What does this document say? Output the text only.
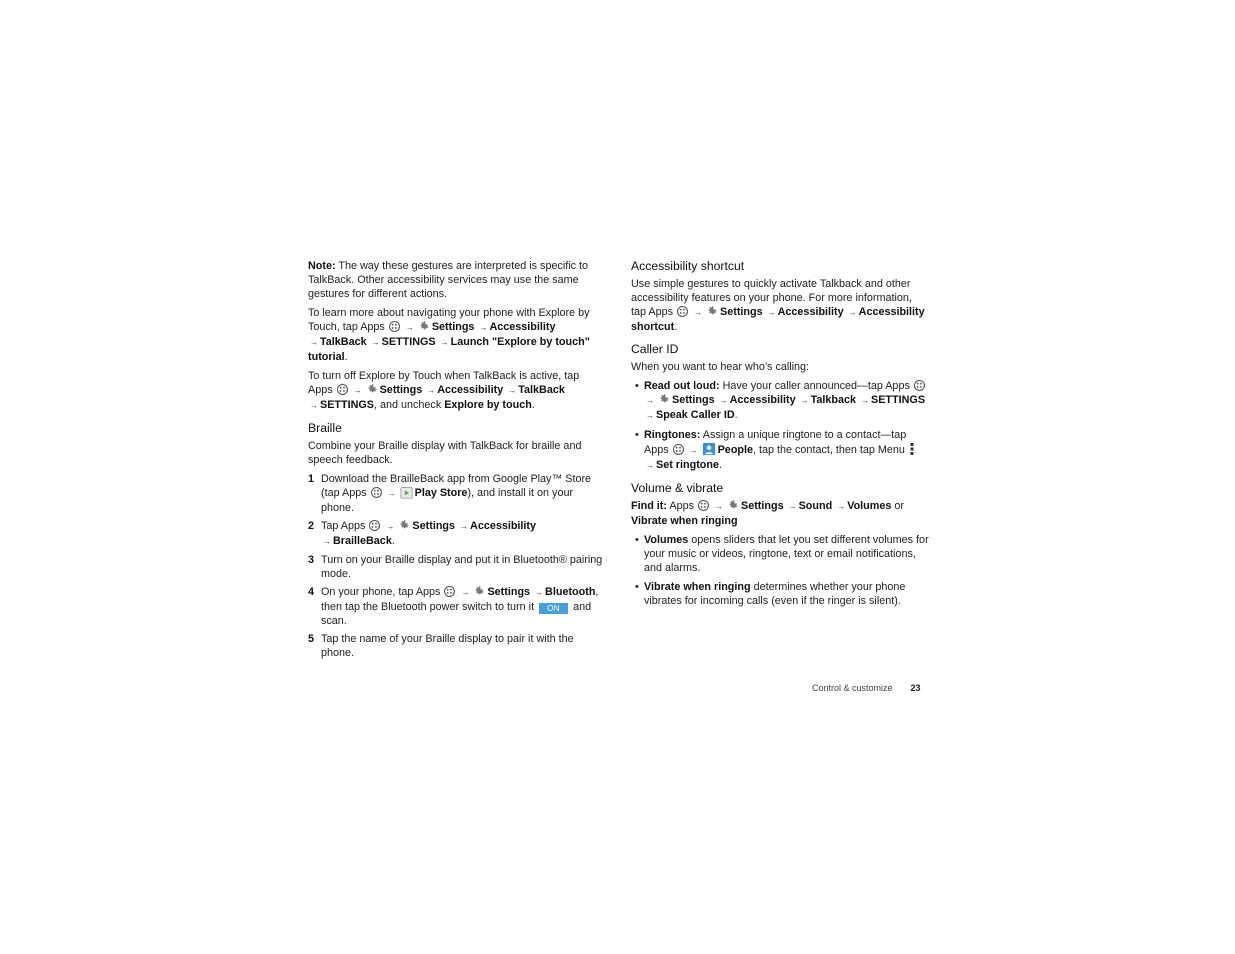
Note: The way these gestures are interpreted is specific to TalkBack. Other accessibility services may use the same gestures for different actions.

To learn more about navigating your phone with Explore by Touch, tap Apps	→ Settings → Accessibility → TalkBack → SETTINGS → Launch "Explore by touch" tutorial.

To turn off Explore by Touch when TalkBack is active, tap Apps	→ Settings → Accessibility → TalkBack → SETTINGS, and uncheck Explore by touch.

Braille

Combine your Braille display with TalkBack for braille and speech feedback.

1 Download the BrailleBack app from Google Play™ Store (tap Apps	→ Play Store), and install it on your phone.
2 Tap Apps	→ Settings → Accessibility → BrailleBack.
3 Turn on your Braille display and put it in Bluetooth® pairing mode.
4 On your phone, tap Apps	→ Settings → Bluetooth, then tap the Bluetooth power switch to turn it ON and scan.
5 Tap the name of your Braille display to pair it with the phone.
Accessibility shortcut

Use simple gestures to quickly activate Talkback and other accessibility features on your phone. For more information, tap Apps	→ Settings → Accessibility → Accessibility shortcut.

Caller ID

When you want to hear who’s calling:

• Read out loud: Have your caller announced—tap Apps  → Settings → Accessibility → Talkback → SETTINGS → Speak Caller ID.
• Ringtones: Assign a unique ringtone to a contact—tap Apps	→ People, tap the contact, then tap Menu  → Set ringtone.
Volume & vibrate

Find it: Apps	→ Settings → Sound → Volumes or Vibrate when ringing

• Volumes opens sliders that let you set different volumes for your music or videos, ringtone, text or email notifications, and alarms.
• Vibrate when ringing determines whether your phone vibrates for incoming calls (even if the ringer is silent).
Control & customize 23
